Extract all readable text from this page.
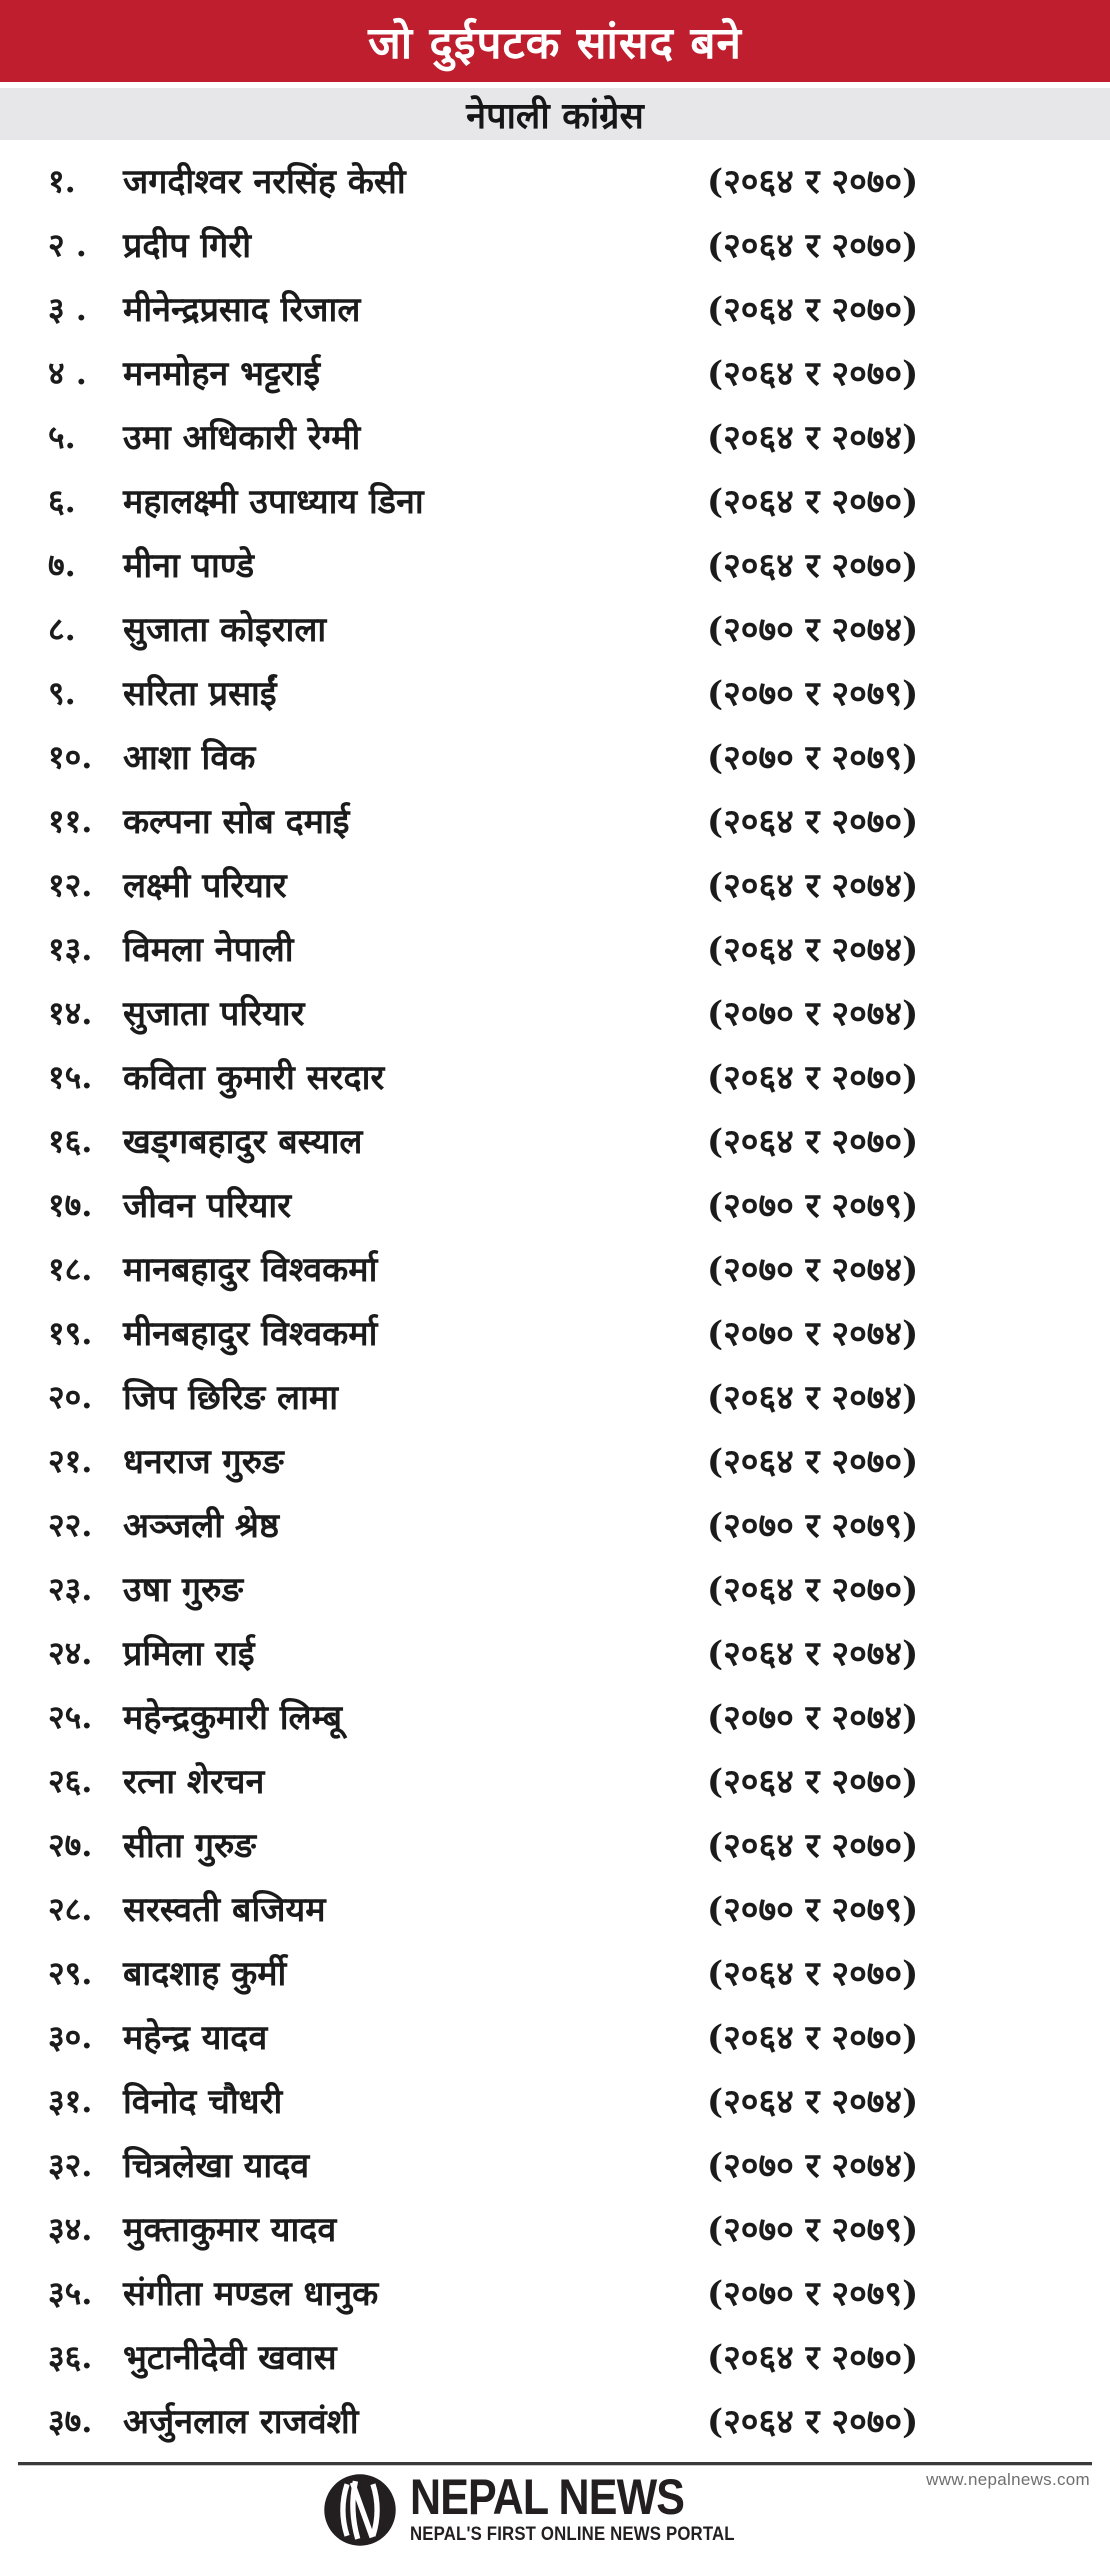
जो दुईपटक सांसद बने
नेपाली कांग्रेस
१.	जगदीश्वर नरसिंह केसी	(२०६४ र २०७०)
२ .	प्रदीप गिरी	(२०६४ र २०७०)
३ .	मीनेन्द्रप्रसाद रिजाल	(२०६४ र २०७०)
४ .	मनमोहन भट्टराई	(२०६४ र २०७०)
५.	उमा अधिकारी रेग्मी	(२०६४ र २०७४)
६.	महालक्ष्मी उपाध्याय डिना	(२०६४ र २०७०)
७.	मीना पाण्डे	(२०६४ र २०७०)
८.	सुजाता कोइराला	(२०७० र २०७४)
९.	सरिता प्रसाईं	(२०७० र २०७९)
१०. आशा विक	(२०७० र २०७९)
११. कल्पना सोब दमाई	(२०६४ र २०७०)
१२. लक्ष्मी परियार	(२०६४ र २०७४)
१३. विमला नेपाली	(२०६४ र २०७४)
१४. सुजाता परियार	(२०७० र २०७४)
१५. कविता कुमारी सरदार	(२०६४ र २०७०)
१६. खड्गबहादुर बस्याल	(२०६४ र २०७०)
१७. जीवन परियार	(२०७० र २०७९)
१८. मानबहादुर विश्वकर्मा	(२०७० र २०७४)
१९. मीनबहादुर विश्वकर्मा	(२०७० र २०७४)
२०. जिप छिरिङ लामा	(२०६४ र २०७४)
२१. धनराज गुरुङ	(२०६४ र २०७०)
२२. अञ्जली श्रेष्ठ	(२०७० र २०७९)
२३. उषा गुरुङ	(२०६४ र २०७०)
२४. प्रमिला राई	(२०६४ र २०७४)
२५. महेन्द्रकुमारी लिम्बू	(२०७० र २०७४)
२६. रत्ना शेरचन	(२०६४ र २०७०)
२७. सीता गुरुङ	(२०६४ र २०७०)
२८. सरस्वती बजियम	(२०७० र २०७९)
२९. बादशाह कुर्मी	(२०६४ र २०७०)
३०. महेन्द्र यादव	(२०६४ र २०७०)
३१. विनोद चौधरी	(२०६४ र २०७४)
३२. चित्रलेखा यादव	(२०७० र २०७४)
३४. मुक्ताकुमार यादव	(२०७० र २०७९)
३५. संगीता मण्डल धानुक	(२०७० र २०७९)
३६. भुटानीदेवी खवास	(२०६४ र २०७०)
३७. अर्जुनलाल राजवंशी	(२०६४ र २०७०)
www.nepalnews.com
NEPAL NEWS
NEPAL'S FIRST ONLINE NEWS PORTAL
